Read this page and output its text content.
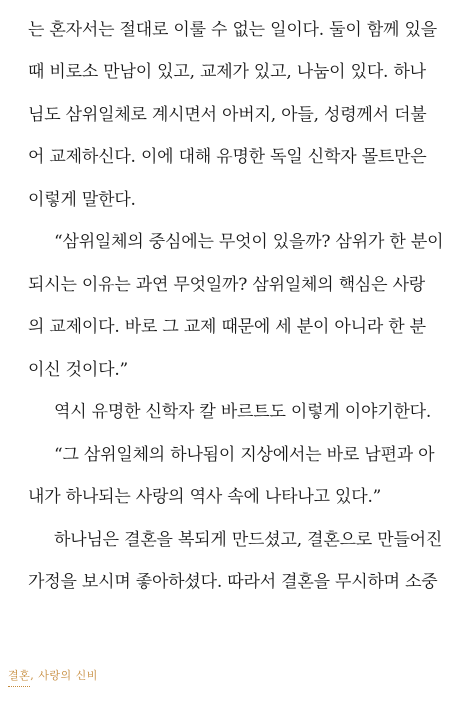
는 혼자서는 절대로 이룰 수 없는 일이다. 둘이 함께 있을
때 비로소 만남이 있고, 교제가 있고, 나눔이 있다. 하나
님도 삼위일체로 계시면서 아버지, 아들, 성령께서 더불
어 교제하신다. 이에 대해 유명한 독일 신학자 몰트만은
이렇게 말한다.
“삼위일체의 중심에는 무엇이 있을까? 삼위가 한 분이
되시는 이유는 과연 무엇일까? 삼위일체의 핵심은 사랑
의 교제이다. 바로 그 교제 때문에 세 분이 아니라 한 분
이신 것이다.”
역시 유명한 신학자 칼 바르트도 이렇게 이야기한다.
“그 삼위일체의 하나됨이 지상에서는 바로 남편과 아
내가 하나되는 사랑의 역사 속에 나타나고 있다.”
하나님은 결혼을 복되게 만드셨고, 결혼으로 만들어진
가정을 보시며 좋아하셨다. 따라서 결혼을 무시하며 소중
결혼, 사랑의 신비
